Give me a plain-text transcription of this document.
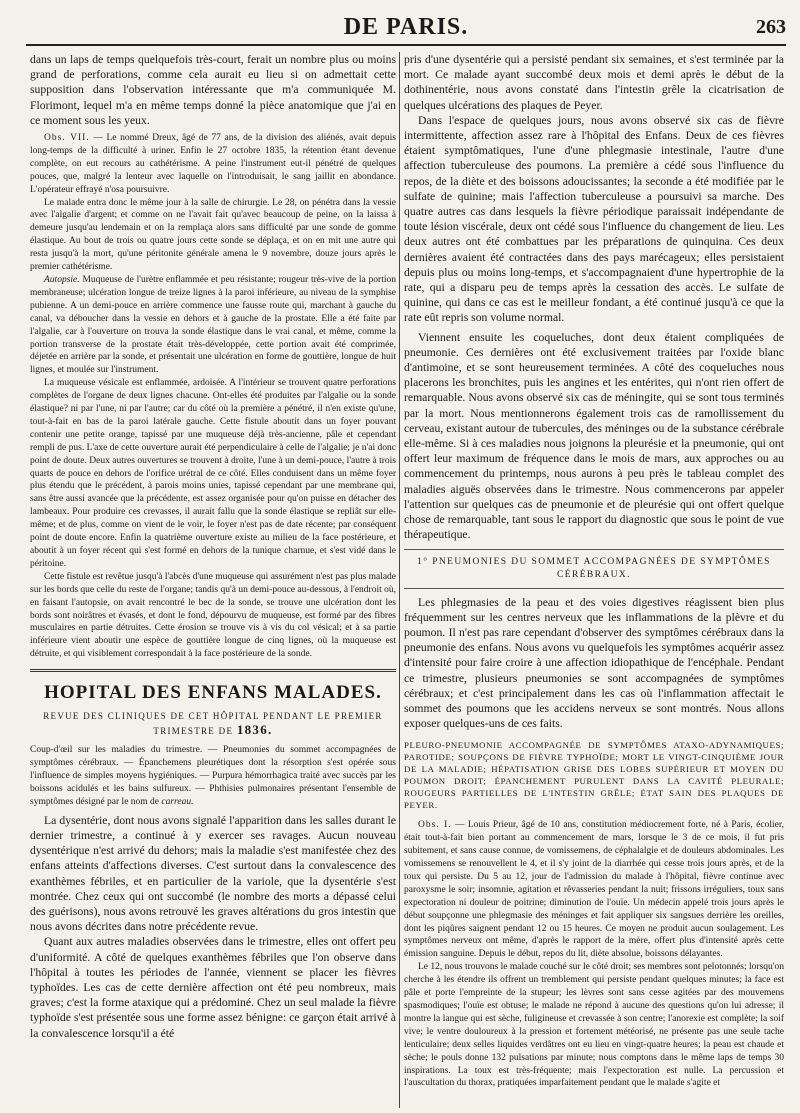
DE PARIS.	263

dans un laps de temps quelquefois très-court, ferait un nombre plus ou moins grand de perforations, comme cela aurait eu lieu si on admettait cette supposition dans l'observation intéressante que m'a communiquée M. Florimont, lequel m'a en même temps donné la pièce anatomique que j'ai en ce moment sous les yeux.

Obs. VII. — Le nommé Dreux, âgé de 77 ans, de la division des aliénés, avait depuis long-temps de la difficulté à uriner. Enfin le 27 octobre 1835, la rétention étant devenue complète, on eut recours au cathétérisme. A peine l'instrument eut-il pénétré de quelques pouces, que, malgré la lenteur avec laquelle on l'introduisait, le sang jaillit en abondance. L'opérateur effrayé n'osa poursuivre.

Le malade entra donc le même jour à la salle de chirurgie. Le 28, on pénétra dans la vessie avec l'algalie d'argent; et comme on ne l'avait fait qu'avec beaucoup de peine, on la laissa à demeure jusqu'au lendemain et on la remplaça alors sans difficulté par une sonde de gomme élastique. Au bout de trois ou quatre jours cette sonde se déplaça, et on en mit une autre qui resta jusqu'à la mort, qu'une péritonite générale amena le 9 novembre, douze jours après le premier cathétérisme.

Autopsie. Muqueuse de l'urètre enflammée et peu résistante; rougeur très-vive de la portion membraneuse; ulcération longue de treize lignes à la paroi inférieure, au niveau de la symphise pubienne. A un demi-pouce en arrière commence une fausse route qui, marchant à gauche du canal, va déboucher dans la vessie en dehors et à gauche de la prostate. Elle a été faite par l'algalie, car à l'ouverture on trouva la sonde élastique dans le vrai canal, et même, comme la portion transverse de la prostate était très-développée, cette portion avait été comprimée, déjetée en arrière par la sonde, et présentait une ulcération en forme de gouttière, longue de huit lignes, et moulée sur l'instrument.

La muqueuse vésicale est enflammée, ardoisée. A l'intérieur se trouvent quatre perforations complètes de l'organe de deux lignes chacune. Ont-elles été produites par l'algalie ou la sonde élastique? ni par l'une, ni par l'autre; car du côté où la première a pénétré, il n'en existe qu'une, tout-à-fait en bas de la paroi latérale gauche. Cette fistule aboutit dans un foyer pouvant contenir une petite orange, tapissé par une muqueuse déjà très-ancienne, pâle et cependant rempli de pus. L'axe de cette ouverture aurait été perpendiculaire à celle de l'algalie; je n'ai donc point de doute. Deux autres ouvertures se trouvent à droite, l'une à un demi-pouce, l'autre à trois quarts de pouce en dehors de l'orifice urétral de ce côté. Elles conduisent dans un même foyer plus étendu que le précédent, à parois moins unies, tapissé cependant par une membrane qui, sans être aussi avancée que la précédente, est assez organisée pour qu'on puisse en détacher des lambeaux. Pour produire ces crevasses, il aurait fallu que la sonde élastique se repliât sur elle-même; et de plus, comme on vient de le voir, le foyer n'est pas de date récente; par conséquent point de doute encore. Enfin la quatrième ouverture existe au milieu de la face postérieure, et aboutit à un foyer récent qui s'est formé en dehors de la tunique charnue, et s'est vidé dans le péritoine.

Cette fistule est revêtue jusqu'à l'abcès d'une muqueuse qui assurément n'est pas plus malade sur les bords que celle du reste de l'organe; tandis qu'à un demi-pouce au-dessous, à l'endroit où, en faisant l'autopsie, on avait rencontré le bec de la sonde, se trouve une ulcération dont les bords sont noirâtres et évasés, et dont le fond, dépourvu de muqueuse, est formé par des fibres musculaires en partie détruites. Cette érosion se trouve vis à vis du col vésical; et à sa partie inférieure vient aboutir une espèce de gouttière longue de cinq lignes, où la muqueuse est détruite, et qui visiblement correspondait à la face postérieure de la sonde.

HOPITAL DES ENFANS MALADES.
REVUE DES CLINIQUES DE CET HÔPITAL PENDANT LE PREMIER TRIMESTRE DE 1836.

Coup-d'œil sur les maladies du trimestre. — Pneumonies du sommet accompagnées de symptômes cérébraux. — Épanchemens pleurétiques dont la résorption s'est opérée sous l'influence de simples moyens hygiéniques. — Purpura hémorrhagica traité avec succès par les boissons acidulés et les bains sulfureux. — Phthisies pulmonaires présentant l'ensemble de symptômes désigné par le nom de carreau.

La dysentérie, dont nous avons signalé l'apparition dans les salles durant le dernier trimestre, a continué à y exercer ses ravages. Aucun nouveau dysentérique n'est arrivé du dehors; mais la maladie s'est manifestée chez des enfans atteints d'affections diverses. C'est surtout dans la convalescence des exanthèmes fébriles, et en particulier de la variole, que la dysentérie s'est montrée. Chez ceux qui ont succombé (le nombre des morts a dépassé celui des guérisons), nous avons retrouvé les graves altérations du gros intestin que nous avons décrites dans notre précédente revue.

Quant aux autres maladies observées dans le trimestre, elles ont offert peu d'uniformité. A côté de quelques exanthèmes fébriles que l'on observe dans l'hôpital à toutes les périodes de l'année, viennent se placer les fièvres typhoïdes. Les cas de cette dernière affection ont été peu nombreux, mais graves; c'est la forme ataxique qui a prédominé. Chez un seul malade la fièvre typhoïde s'est présentée sous une forme assez bénigne: ce garçon était arrivé à la convalescence lorsqu'il a été

pris d'une dysentérie qui a persisté pendant six semaines, et s'est terminée par la mort. Ce malade ayant succombé deux mois et demi après le début de la dothinentérie, nous avons constaté dans l'intestin grêle la cicatrisation de quelques ulcérations des plaques de Peyer.

Dans l'espace de quelques jours, nous avons observé six cas de fièvre intermittente, affection assez rare à l'hôpital des Enfans. Deux de ces fièvres étaient symptômatiques, l'une d'une phlegmasie intestinale, l'autre d'une affection tuberculeuse des poumons. La première a cédé sous l'influence du repos, de la diète et des boissons adoucissantes; la seconde a été modifiée par le sulfate de quinine; mais l'affection tuberculeuse a poursuivi sa marche. Des quatre autres cas dans lesquels la fièvre périodique paraissait indépendante de toute lésion viscérale, deux ont cédé sous l'influence du changement de lieu. Les deux autres ont été combattues par les préparations de quinquina. Ces deux dernières avaient été contractées dans des pays marécageux; elles persistaient depuis plus ou moins long-temps, et s'accompagnaient d'une hypertrophie de la rate, qui a disparu peu de temps après la cessation des accès. Le sulfate de quinine, qui dans ce cas est le meilleur fondant, a été continué jusqu'à ce que la rate eût repris son volume normal.

Viennent ensuite les coqueluches, dont deux étaient compliquées de pneumonie. Ces dernières ont été exclusivement traitées par l'oxide blanc d'antimoine, et se sont heureusement terminées. A côté des coqueluches nous placerons les bronchites, puis les angines et les entérites, qui n'ont rien offert de remarquable. Nous avons observé six cas de méningite, qui se sont tous terminés par la mort. Nous mentionnerons également trois cas de ramollissement du cerveau, existant autour de tubercules, des méninges ou de la substance cérébrale elle-même. Si à ces maladies nous joignons la pleurésie et la pneumonie, qui ont offert leur maximum de fréquence dans le mois de mars, aux approches ou au commencement du printemps, nous aurons à peu près le tableau complet des maladies aiguës observées dans le trimestre. Nous commencerons par appeler l'attention sur quelques cas de pneumonie et de pleurésie qui ont offert quelque chose de remarquable, tant sous le rapport du diagnostic que sous le point de vue thérapeutique.

1° PNEUMONIES DU SOMMET ACCOMPAGNÉES DE SYMPTÔMES CÉRÉBRAUX.

Les phlegmasies de la peau et des voies digestives réagissent bien plus fréquemment sur les centres nerveux que les inflammations de la plèvre et du poumon. Il n'est pas rare cependant d'observer des symptômes cérébraux dans la pneumonie des enfans. Nous avons vu quelquefois les symptômes acquérir assez d'intensité pour faire croire à une affection idiopathique de l'encéphale. Pendant ce trimestre, plusieurs pneumonies se sont accompagnées de symptômes cérébraux; et c'est principalement dans les cas où l'inflammation affectait le sommet des poumons que les accidens nerveux se sont montrés. Nous allons exposer quelques-uns de ces faits.

PLEURO-PNEUMONIE ACCOMPAGNÉE DE SYMPTÔMES ATAXO-ADYNAMIQUES; PAROTIDE; SOUPÇONS DE FIÈVRE TYPHOÏDE; MORT LE VINGT-CINQUIÈME JOUR DE LA MALADIE; HÉPATISATION GRISE DES LOBES SUPÉRIEUR ET MOYEN DU POUMON DROIT; ÉPANCHEMENT PURULENT DANS LA CAVITÉ PLEURALE; ROUGEURS PARTIELLES DE L'INTESTIN GRÊLE; ÉTAT SAIN DES PLAQUES DE PEYER.

Obs. I. — Louis Prieur, âgé de 10 ans, constitution médiocrement forte, né à Paris, écolier, était tout-à-fait bien portant au commencement de mars, lorsque le 3 de ce mois, il fut pris subitement, et sans cause connue, de vomissemens, de céphalalgie et de douleurs abdominales. Les vomissemens se renouvellent le 4, et il s'y joint de la diarrhée qui cesse trois jours après, et de la toux qui persiste. Du 5 au 12, jour de l'admission du malade à l'hôpital, fièvre continue avec paroxysme le soir; insomnie, agitation et rêvasseries pendant la nuit; frissons irréguliers, toux sans expectoration ni douleur de poitrine; diminution de l'ouïe. Un médecin appelé trois jours après le début soupçonne une phlegmasie des méninges et fait appliquer six sangsues derrière les oreilles, dont les piqûres saignent pendant 12 ou 15 heures. Ce moyen ne produit aucun soulagement. Les symptômes nerveux ont même, d'après le rapport de la mère, offert plus d'intensité après cette émission sanguine. Depuis le début, repos du lit, diète absolue, boissons délayantes.

Le 12, nous trouvons le malade couché sur le côté droit; ses membres sont pelotonnés; lorsqu'on cherche à les étendre ils offrent un tremblement qui persiste pendant quelques minutes; la face est pâle et porte l'empreinte de la stupeur; les lèvres sont sans cesse agitées par des mouvemens spasmodiques; l'ouïe est obtuse; le malade ne répond à aucune des questions qu'on lui adresse; il montre la langue qui est sèche, fuligineuse et crevassée à son centre; l'anorexie est complète; la soif vive; le ventre douloureux à la pression et fortement météorisé, ne présente pas une seule tache lenticulaire; deux selles liquides verdâtres ont eu lieu en vingt-quatre heures; la peau est chaude et sèche; le pouls donne 132 pulsations par minute; nous comptons dans le même laps de temps 30 inspirations. La toux est très-fréquente; mais l'expectoration est nulle. La percussion et l'auscultation du thorax, pratiquées imparfaitement pendant que le malade s'agite et
